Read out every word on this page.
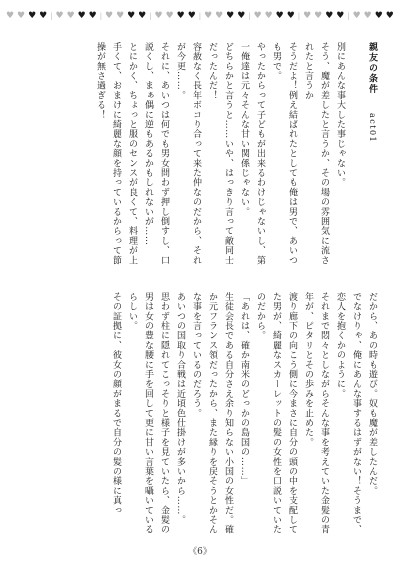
♥ ♥ ♥ ♥ | ♥ ♥ ♥ ♥ | ♥ ♥ ♥ ♥ | ♥ ♥ ♥ ♥ | ♥ ♥ ♥ ♥ | ♥ ♥ ♥ ♥ | ♥ ♥ ♥ ♥ | ♥ ♥ ♥ ♥

親友の条件　act01

別にあんな事大した事じゃない。

そう、魔が差したと言うか、その場の雰囲気に流されたと言うか

そうだよ！例え結ばれたとしても俺は男で、あいつも男で。

やったからって子どもが出来るわけじゃないし、第一俺達は元々そんな甘い関係じゃない。

どちらかと言うと……いや、はっきり言って敵同士だったんだ！

容赦なく長年ボコり合って来た仲なのだから、それが今更……。

それに、あいつは何でも男女問わず押し倒すし、口説くし、まぁ偶に逆もあるかもしれないが……

とにかく、ちょっと服のセンスが良くて、料理が上手くて、おまけに綺麗な顔を持っているからって節操が無さ過ぎる！

だから、あの時も遊び。奴も魔が差したんだ。

でなけりゃ、俺にあんな事するはずがない！そうまで、恋人を抱くかのように。

それまで悶々としながらそんな事を考えていた金髪の青年が、ピタリとその歩みを止めた。

渡り廊下の向こう側に今まさに自分の頭の中を支配してた男が、綺麗なスカーレットの髪の女性を口説いていたのだから。

「あれは、確か南米のどっかの島国の……」

生徒会長である自分さえ余り知らない小国の女性だ。確か元フランス領だったから、また縁りを戻そうとかそんな事を言っているのだろう。

あいつの国取り合戦は近頃色仕掛けが多いから……。

思わず柱に隠れてこっそりと様子を見ていたら、金髪の男は女の豊な腰に手を回して更に甘い言葉を囁いているらしい。

その証拠に、彼女の顔がまるで自分の髪の様に真っ

《6》
